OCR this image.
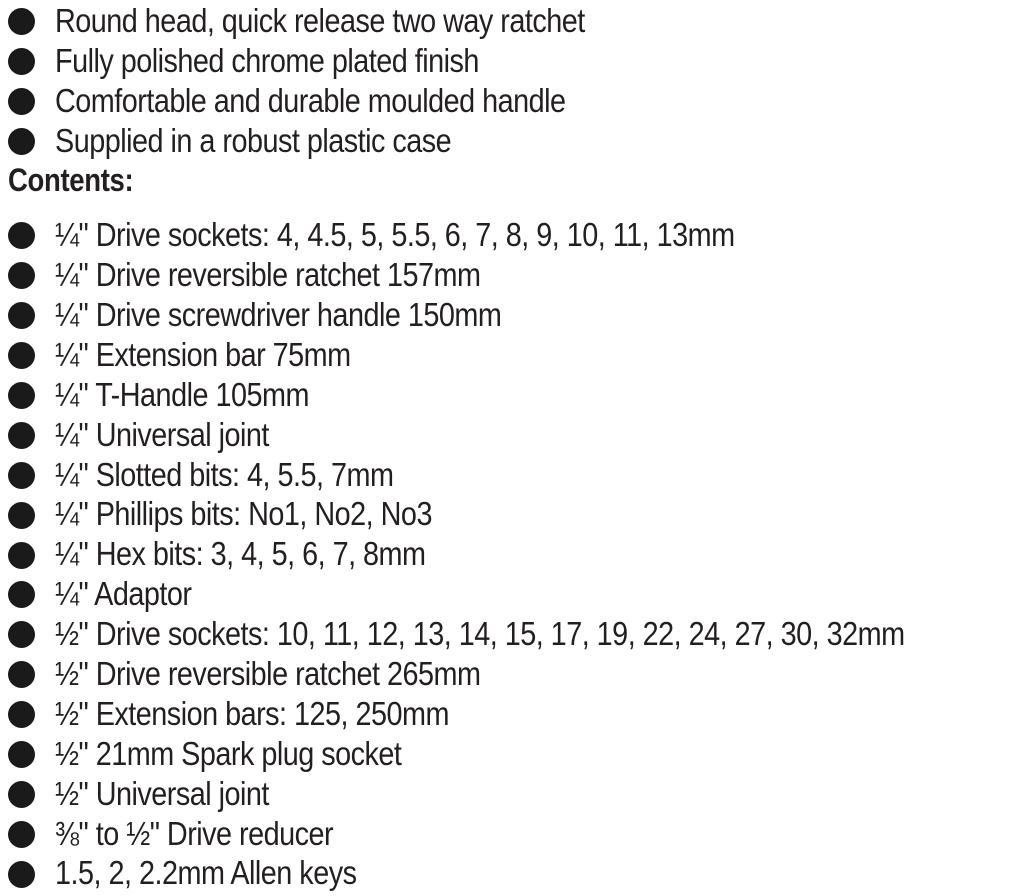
Round head, quick release two way ratchet
Fully polished chrome plated finish
Comfortable and durable moulded handle
Supplied in a robust plastic case
Contents:
¼" Drive sockets: 4, 4.5, 5, 5.5, 6, 7, 8, 9, 10, 11, 13mm
¼" Drive reversible ratchet 157mm
¼" Drive screwdriver handle 150mm
¼" Extension bar 75mm
¼" T-Handle 105mm
¼" Universal joint
¼" Slotted bits: 4, 5.5, 7mm
¼" Phillips bits: No1, No2, No3
¼" Hex bits: 3, 4, 5, 6, 7, 8mm
¼" Adaptor
½" Drive sockets: 10, 11, 12, 13, 14, 15, 17, 19, 22, 24, 27, 30, 32mm
½" Drive reversible ratchet 265mm
½" Extension bars: 125, 250mm
½" 21mm Spark plug socket
½" Universal joint
⅜" to ½" Drive reducer
1.5, 2, 2.2mm Allen keys
